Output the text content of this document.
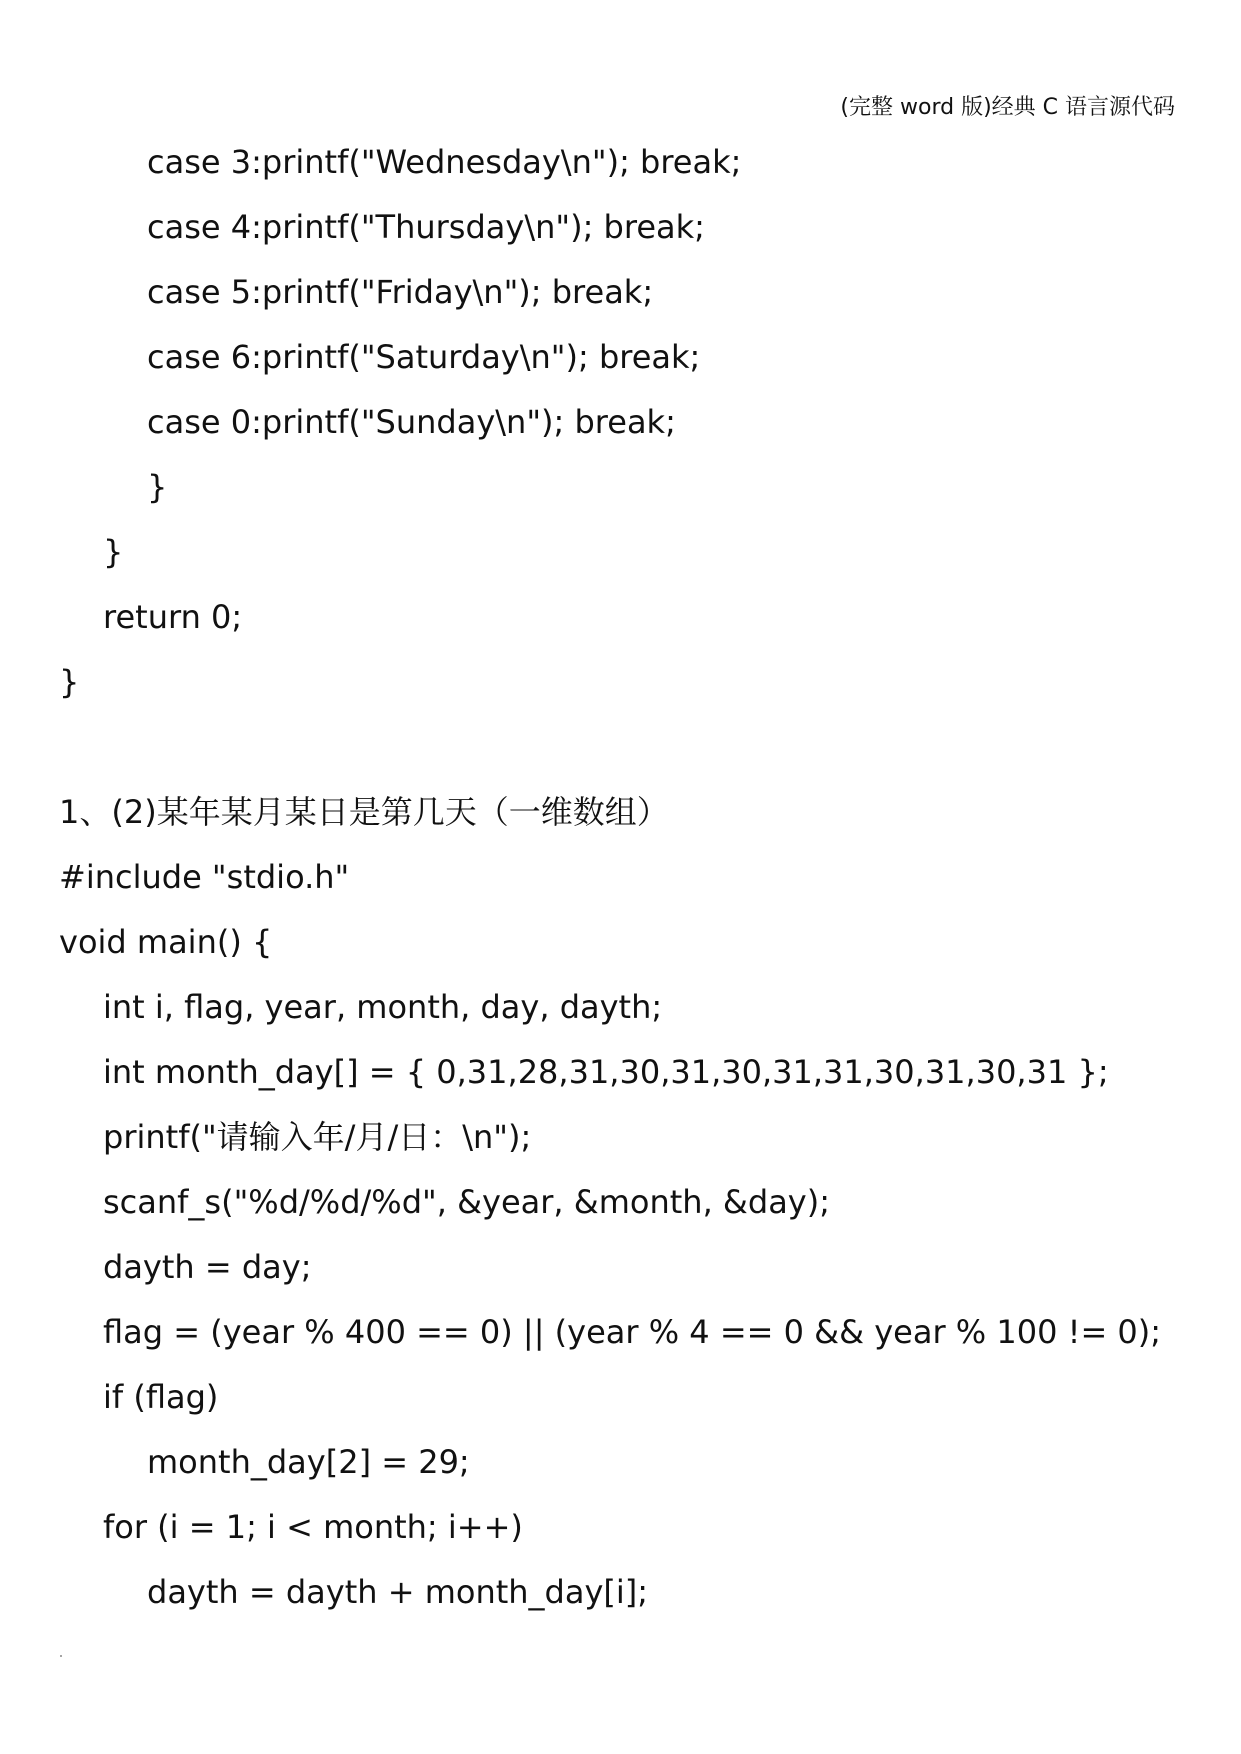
(完整 word 版)经典 C 语言源代码
case 3:printf("Wednesday\n"); break;
case 4:printf("Thursday\n"); break;
case 5:printf("Friday\n"); break;
case 6:printf("Saturday\n"); break;
case 0:printf("Sunday\n"); break;
}
}
return 0;
}
1、(2)某年某月某日是第几天（一维数组）
#include "stdio.h"
void main() {
int i, flag, year, month, day, dayth;
int month_day[] = { 0,31,28,31,30,31,30,31,31,30,31,30,31 };
printf("请输入年/月/日：\n");
scanf_s("%d/%d/%d", &year, &month, &day);
dayth = day;
flag = (year % 400 == 0) || (year % 4 == 0 && year % 100 != 0);
if (flag)
month_day[2] = 29;
for (i = 1; i < month; i++)
dayth = dayth + month_day[i];
